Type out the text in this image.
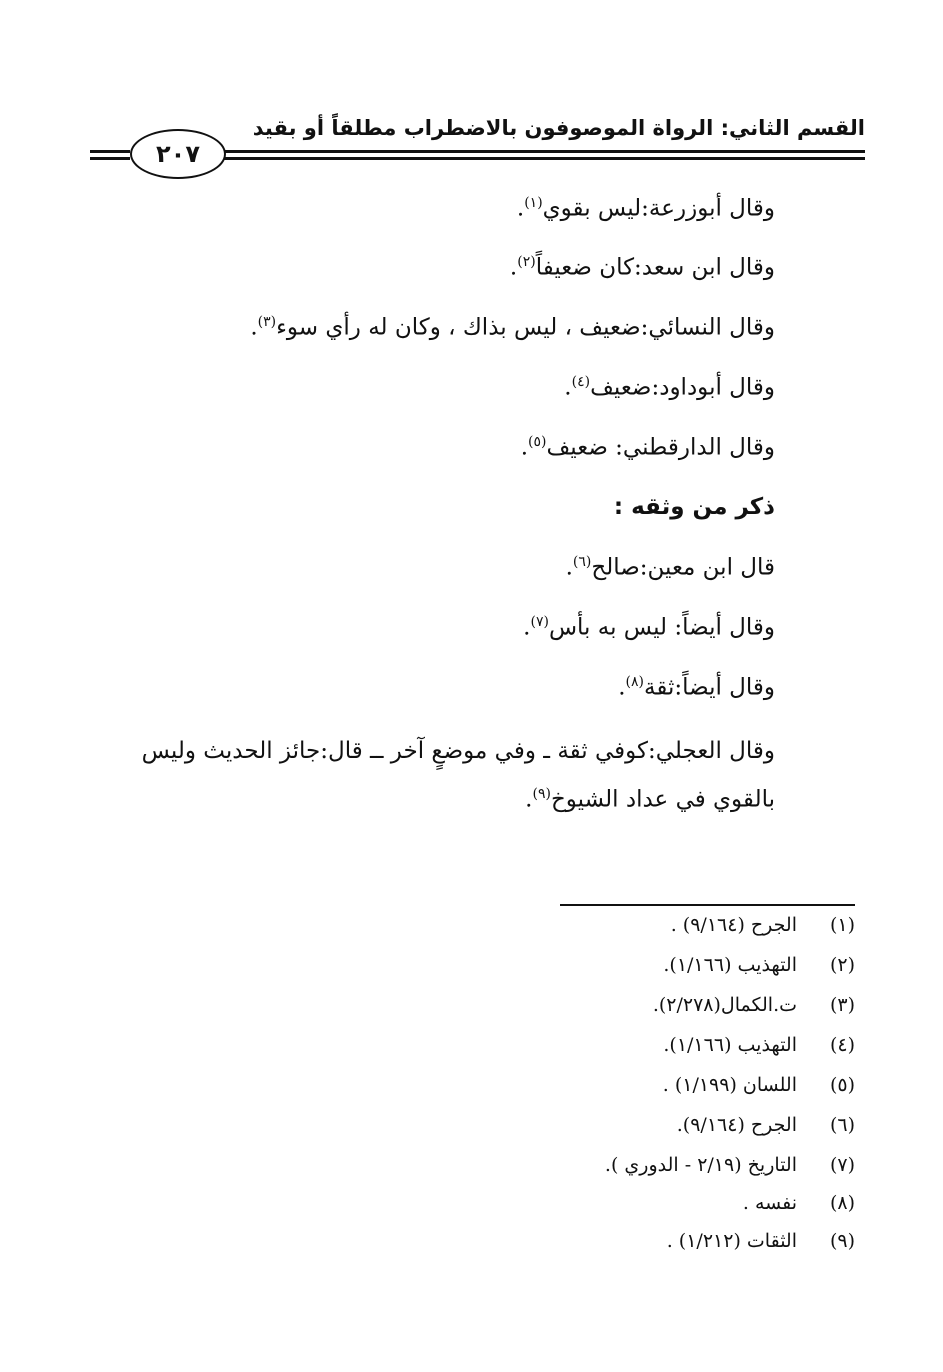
القسم الثاني: الرواة الموصوفون بالاضطراب مطلقاً أو بقيد
٢٠٧
وقال أبوزرعة:ليس بقوي$^{(١)}$.
وقال ابن سعد:كان ضعيفاً$^{(٢)}$.
وقال النسائي:ضعيف ، ليس بذاك ، وكان له رأي سوء$^{(٣)}$.
وقال أبوداود:ضعيف$^{(٤)}$.
وقال الدارقطني: ضعيف$^{(٥)}$.
ذكر من وثقه :
قال ابن معين:صالح$^{(٦)}$.
وقال أيضاً: ليس به بأس$^{(٧)}$.
وقال أيضاً:ثقة$^{(٨)}$.
وقال العجلي:كوفي ثقة ـ وفي موضعٍ آخر ــ قال:جائز الحديث وليس
بالقوي في عداد الشيوخ$^{(٩)}$.
(١)الجرح (٩/١٦٤) .
(٢)التهذيب (١/١٦٦).
(٣)ت.الكمال(٢/٢٧٨).
(٤)التهذيب (١/١٦٦).
(٥)اللسان (١/١٩٩) .
(٦)الجرح (٩/١٦٤).
(٧)التاريخ (٢/١٩ - الدوري ).
(٨)نفسه .
(٩)الثقات (١/٢١٢) .
